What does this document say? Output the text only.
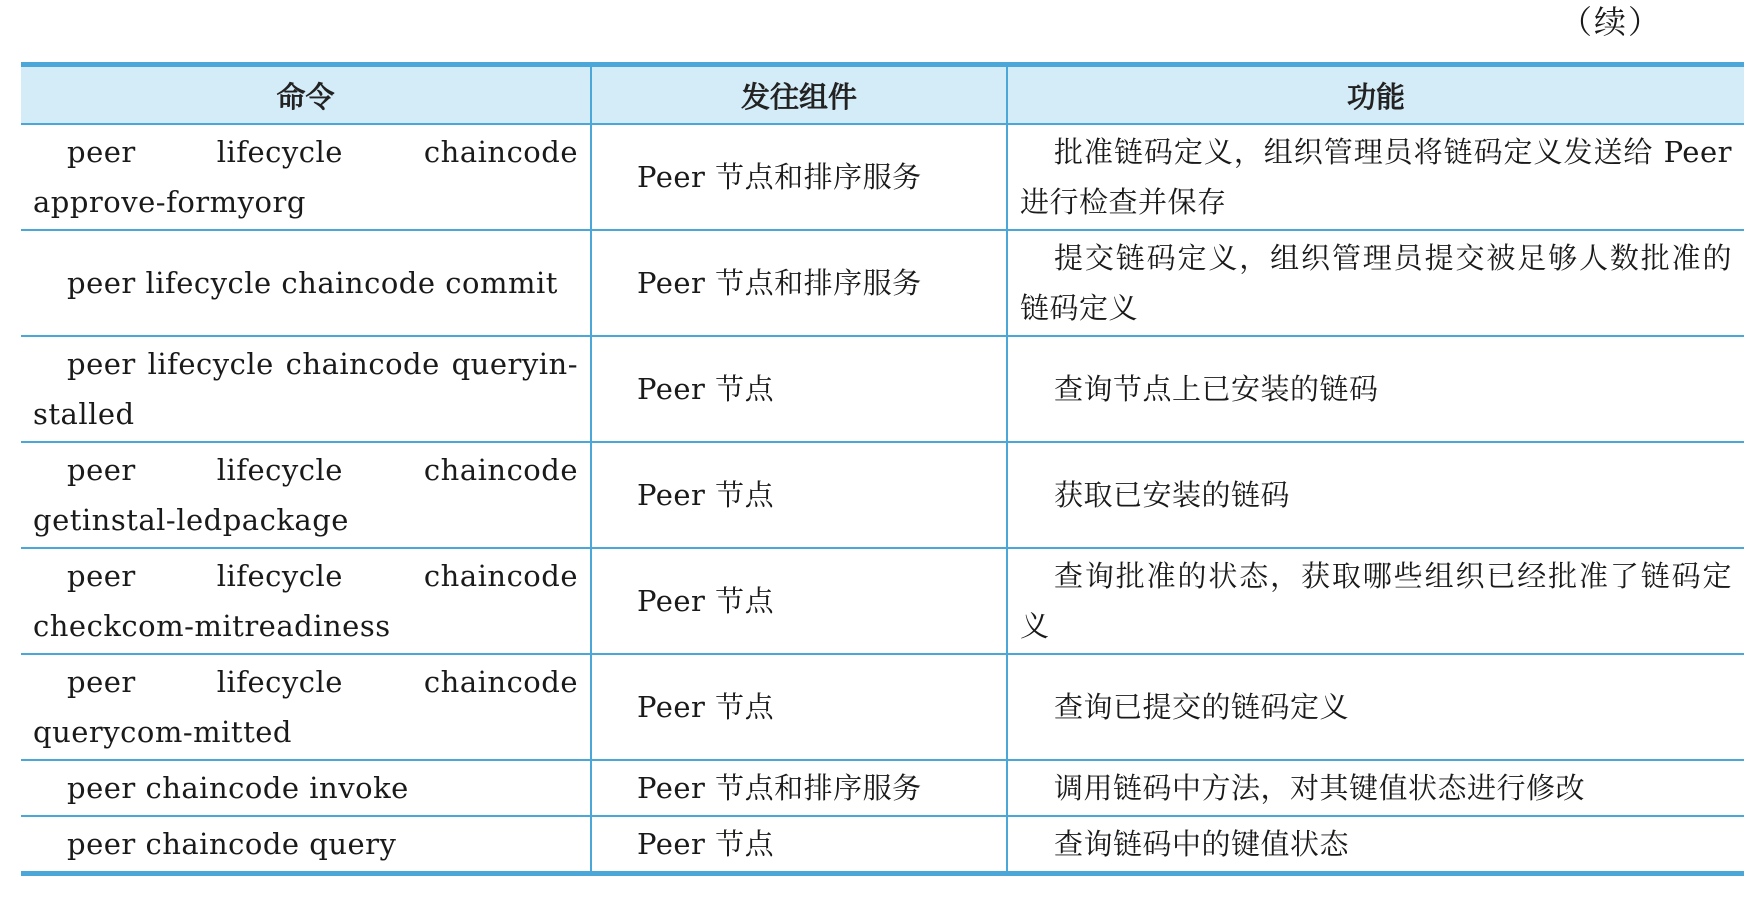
（续）
命令	发往组件	功能
peer lifecycle chaincode approve-formyorg	Peer 节点和排序服务	批准链码定义，组织管理员将链码定义发送给 Peer 进行检查并保存
peer lifecycle chaincode commit	Peer 节点和排序服务	提交链码定义，组织管理员提交被足够人数批准的链码定义
peer lifecycle chaincode queryin-stalled	Peer 节点	查询节点上已安装的链码
peer lifecycle chaincode getinstal-ledpackage	Peer 节点	获取已安装的链码
peer lifecycle chaincode checkcom-mitreadiness	Peer 节点	查询批准的状态，获取哪些组织已经批准了链码定义
peer lifecycle chaincode querycom-mitted	Peer 节点	查询已提交的链码定义
peer chaincode invoke	Peer 节点和排序服务	调用链码中方法，对其键值状态进行修改
peer chaincode query	Peer 节点	查询链码中的键值状态
